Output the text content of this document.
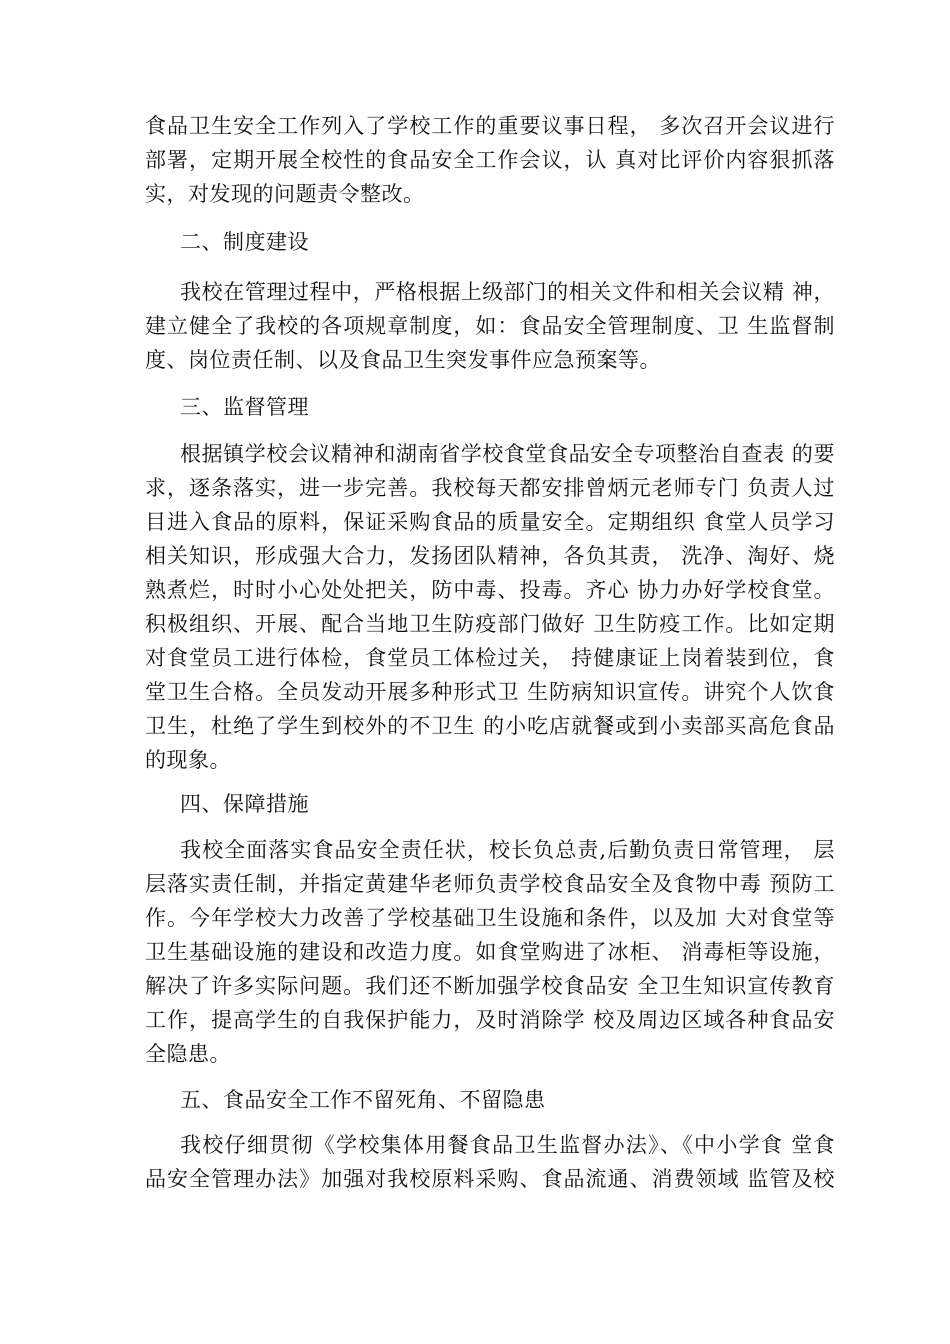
食品卫生安全工作列入了学校工作的重要议事日程， 多次召开会议进行
部署，定期开展全校性的食品安全工作会议，认 真对比评价内容狠抓落
实，对发现的问题责令整改。
二、制度建设
我校在管理过程中，严格根据上级部门的相关文件和相关会议精 神，
建立健全了我校的各项规章制度，如：食品安全管理制度、卫 生监督制
度、岗位责任制、以及食品卫生突发事件应急预案等。
三、监督管理
根据镇学校会议精神和湖南省学校食堂食品安全专项整治自查表 的要
求，逐条落实，进一步完善。我校每天都安排曾炳元老师专门 负责人过
目进入食品的原料，保证采购食品的质量安全。定期组织 食堂人员学习
相关知识，形成强大合力，发扬团队精神，各负其责， 洗净、淘好、烧
熟煮烂，时时小心处处把关，防中毒、投毒。齐心 协力办好学校食堂。
积极组织、开展、配合当地卫生防疫部门做好 卫生防疫工作。比如定期
对食堂员工进行体检，食堂员工体检过关， 持健康证上岗着装到位，食
堂卫生合格。全员发动开展多种形式卫 生防病知识宣传。讲究个人饮食
卫生，杜绝了学生到校外的不卫生 的小吃店就餐或到小卖部买高危食品
的现象。
四、保障措施
我校全面落实食品安全责任状，校长负总责,后勤负责日常管理， 层
层落实责任制，并指定黄建华老师负责学校食品安全及食物中毒 预防工
作。今年学校大力改善了学校基础卫生设施和条件，以及加 大对食堂等
卫生基础设施的建设和改造力度。如食堂购进了冰柜、 消毒柜等设施，
解决了许多实际问题。我们还不断加强学校食品安 全卫生知识宣传教育
工作，提高学生的自我保护能力，及时消除学 校及周边区域各种食品安
全隐患。
五、食品安全工作不留死角、不留隐患
我校仔细贯彻《学校集体用餐食品卫生监督办法》、《中小学食 堂食
品安全管理办法》加强对我校原料采购、食品流通、消费领域 监管及校
